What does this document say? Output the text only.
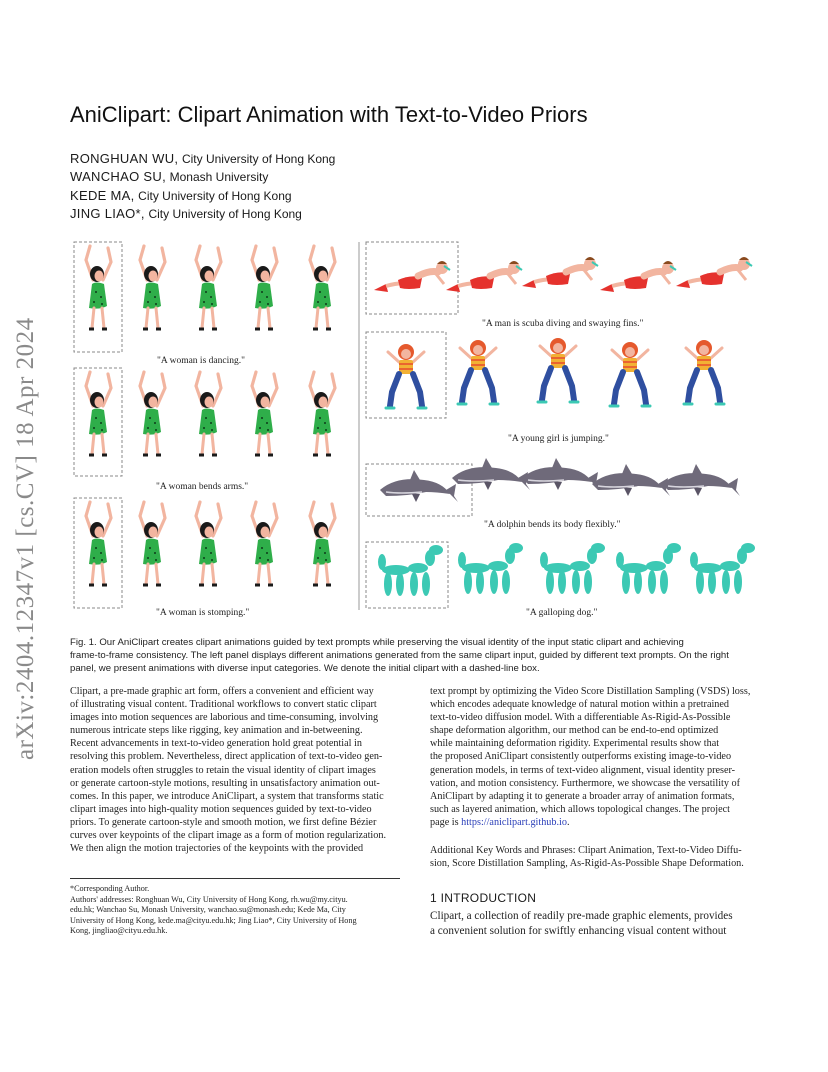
arXiv:2404.12347v1 [cs.CV] 18 Apr 2024
AniClipart: Clipart Animation with Text-to-Video Priors
RONGHUAN WU, City University of Hong Kong
WANCHAO SU, Monash University
KEDE MA, City University of Hong Kong
JING LIAO*, City University of Hong Kong
"A woman is dancing."
"A woman bends arms."
"A woman is stomping."
"A man is scuba diving and swaying fins."
"A young girl is jumping."
"A dolphin bends its body flexibly."
"A galloping dog."
Fig. 1. Our AniClipart creates clipart animations guided by text prompts while preserving the visual identity of the input static clipart and achieving
frame-to-frame consistency. The left panel displays different animations generated from the same clipart input, guided by different text prompts. On the right
panel, we present animations with diverse input categories. We denote the initial clipart with a dashed-line box.

Clipart, a pre-made graphic art form, offers a convenient and efficient way

of illustrating visual content. Traditional workflows to convert static clipart

images into motion sequences are laborious and time-consuming, involving

numerous intricate steps like rigging, key animation and in-betweening.

Recent advancements in text-to-video generation hold great potential in

resolving this problem. Nevertheless, direct application of text-to-video gen-

eration models often struggles to retain the visual identity of clipart images

or generate cartoon-style motions, resulting in unsatisfactory animation out-

comes. In this paper, we introduce AniClipart, a system that transforms static

clipart images into high-quality motion sequences guided by text-to-video

priors. To generate cartoon-style and smooth motion, we first define Bézier

curves over keypoints of the clipart image as a form of motion regularization.

We then align the motion trajectories of the keypoints with the provided

text prompt by optimizing the Video Score Distillation Sampling (VSDS) loss,

which encodes adequate knowledge of natural motion within a pretrained

text-to-video diffusion model. With a differentiable As-Rigid-As-Possible

shape deformation algorithm, our method can be end-to-end optimized

while maintaining deformation rigidity. Experimental results show that

the proposed AniClipart consistently outperforms existing image-to-video

generation models, in terms of text-video alignment, visual identity preser-

vation, and motion consistency. Furthermore, we showcase the versatility of

AniClipart by adapting it to generate a broader array of animation formats,

such as layered animation, which allows topological changes. The project

page is https://aniclipart.github.io.

Additional Key Words and Phrases: Clipart Animation, Text-to-Video Diffu-

sion, Score Distillation Sampling, As-Rigid-As-Possible Shape Deformation.

*Corresponding Author.

Authors' addresses: Ronghuan Wu, City University of Hong Kong, rh.wu@my.cityu.

edu.hk; Wanchao Su, Monash University, wanchao.su@monash.edu; Kede Ma, City

University of Hong Kong, kede.ma@cityu.edu.hk; Jing Liao*, City University of Hong

Kong, jingliao@cityu.edu.hk.

1 INTRODUCTION

Clipart, a collection of readily pre-made graphic elements, provides

a convenient solution for swiftly enhancing visual content without
